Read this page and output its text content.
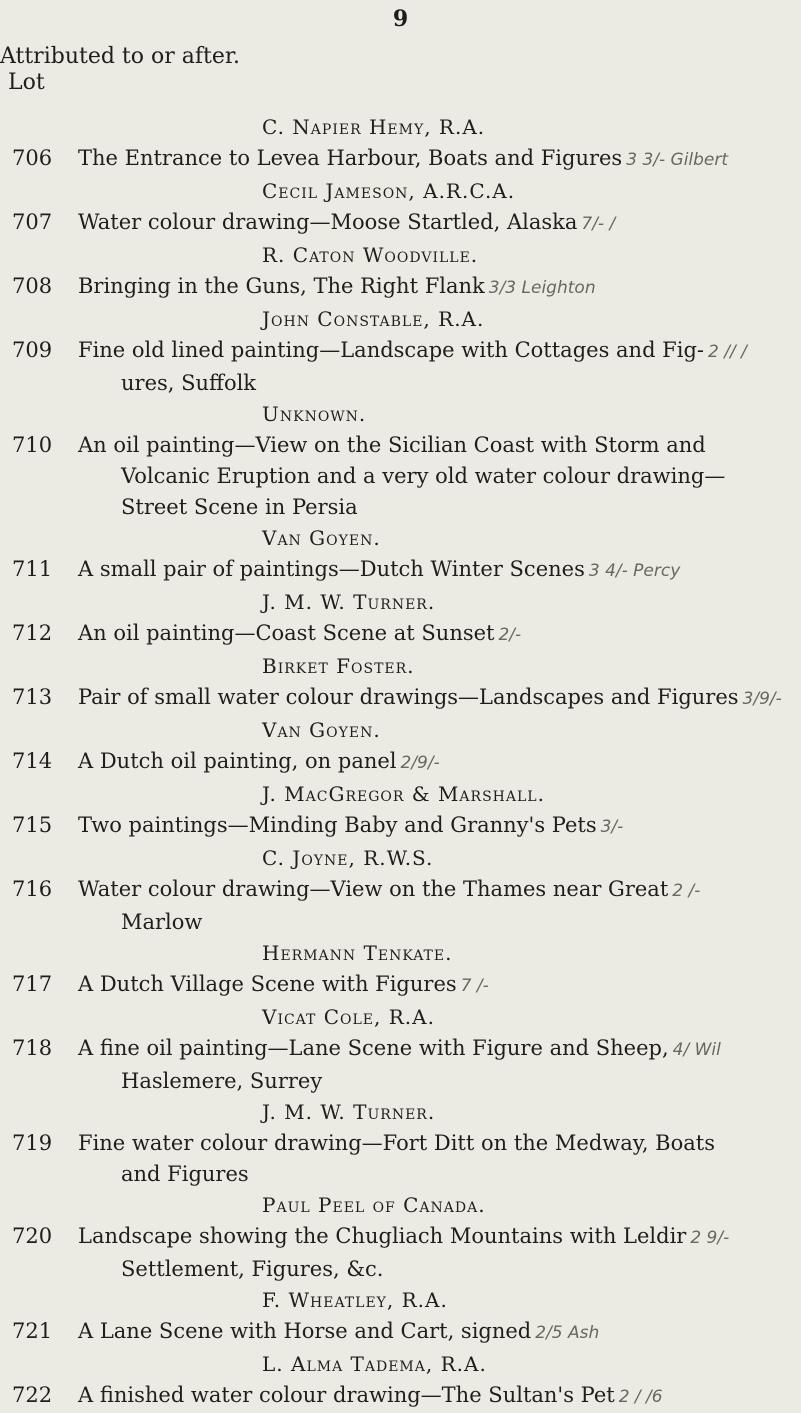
9
Attributed to or after.
Lot
C. Napier Hemy, R.A.
706 The Entrance to Levea Harbour, Boats and Figures 3 3/- Gilbert
Cecil Jameson, A.R.C.A.
707 Water colour drawing—Moose Startled, Alaska 7/- /
R. Caton Woodville.
708 Bringing in the Guns, The Right Flank 3/3 Leighton
John Constable, R.A.
709 Fine old lined painting—Landscape with Cottages and Fig- 2 // /
ures, Suffolk
Unknown.
710 An oil painting—View on the Sicilian Coast with Storm and
Volcanic Eruption and a very old water colour drawing—
Street Scene in Persia
Van Goyen.
711 A small pair of paintings—Dutch Winter Scenes 3 4/- Percy
J. M. W. Turner.
712 An oil painting—Coast Scene at Sunset 2/-
Birket Foster.
713 Pair of small water colour drawings—Landscapes and Figures 3/9/-
Van Goyen.
714 A Dutch oil painting, on panel 2/9/-
J. MacGregor & Marshall.
715 Two paintings—Minding Baby and Granny's Pets 3/-
C. Joyne, R.W.S.
716 Water colour drawing—View on the Thames near Great 2 /-
Marlow
Hermann Tenkate.
717 A Dutch Village Scene with Figures 7 /-
Vicat Cole, R.A.
718 A fine oil painting—Lane Scene with Figure and Sheep, 4/ Wil
Haslemere, Surrey
J. M. W. Turner.
719 Fine water colour drawing—Fort Ditt on the Medway, Boats
and Figures
Paul Peel of Canada.
720 Landscape showing the Chugliach Mountains with Leldir 2 9/-
Settlement, Figures, &c.
F. Wheatley, R.A.
721 A Lane Scene with Horse and Cart, signed 2/5 Ash
L. Alma Tadema, R.A.
722 A finished water colour drawing—The Sultan's Pet 2 / /6
